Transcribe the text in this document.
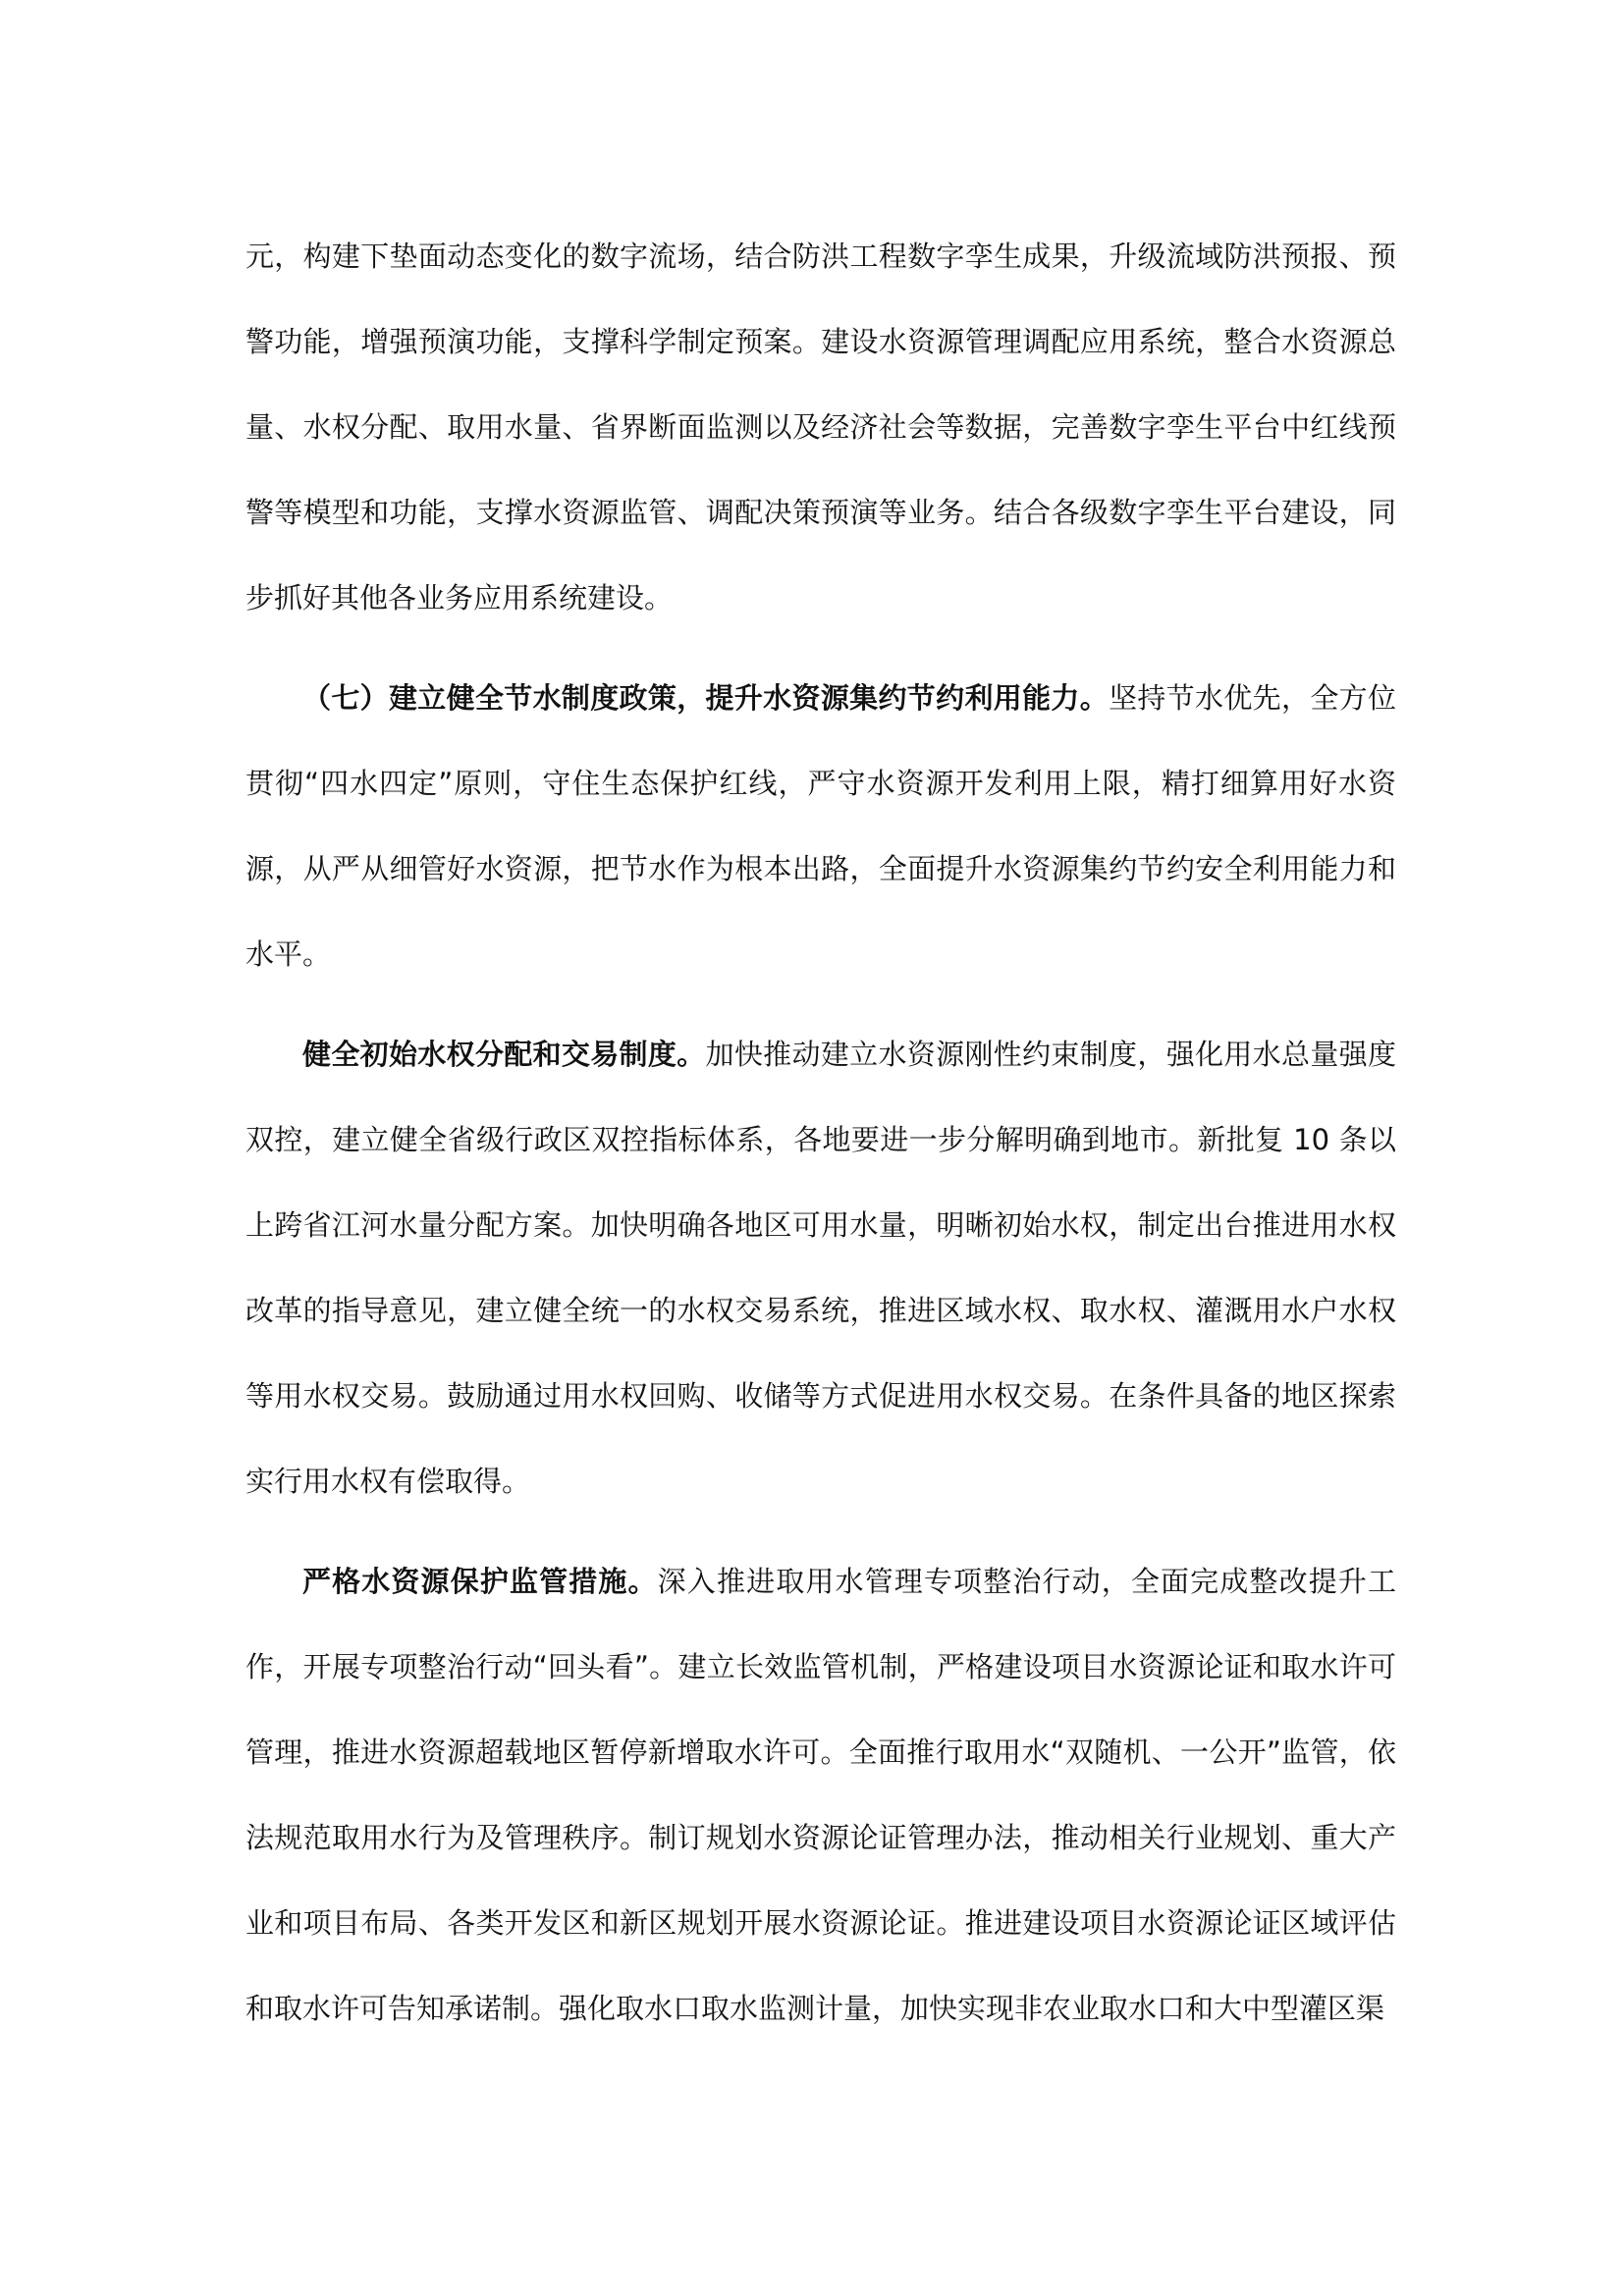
元，构建下垫面动态变化的数字流场，结合防洪工程数字孪生成果，升级流域防洪预报、预警功能，增强预演功能，支撑科学制定预案。建设水资源管理调配应用系统，整合水资源总量、水权分配、取用水量、省界断面监测以及经济社会等数据，完善数字孪生平台中红线预警等模型和功能，支撑水资源监管、调配决策预演等业务。结合各级数字孪生平台建设，同步抓好其他各业务应用系统建设。

（七）建立健全节水制度政策，提升水资源集约节约利用能力。坚持节水优先，全方位贯彻“四水四定”原则，守住生态保护红线，严守水资源开发利用上限，精打细算用好水资源，从严从细管好水资源，把节水作为根本出路，全面提升水资源集约节约安全利用能力和水平。

健全初始水权分配和交易制度。加快推动建立水资源刚性约束制度，强化用水总量强度双控，建立健全省级行政区双控指标体系，各地要进一步分解明确到地市。新批复 10 条以上跨省江河水量分配方案。加快明确各地区可用水量，明晰初始水权，制定出台推进用水权改革的指导意见，建立健全统一的水权交易系统，推进区域水权、取水权、灌溉用水户水权等用水权交易。鼓励通过用水权回购、收储等方式促进用水权交易。在条件具备的地区探索实行用水权有偿取得。

严格水资源保护监管措施。深入推进取用水管理专项整治行动，全面完成整改提升工作，开展专项整治行动“回头看”。建立长效监管机制，严格建设项目水资源论证和取水许可管理，推进水资源超载地区暂停新增取水许可。全面推行取用水“双随机、一公开”监管，依法规范取用水行为及管理秩序。制订规划水资源论证管理办法，推动相关行业规划、重大产业和项目布局、各类开发区和新区规划开展水资源论证。推进建设项目水资源论证区域评估和取水许可告知承诺制。强化取水口取水监测计量，加快实现非农业取水口和大中型灌区渠
